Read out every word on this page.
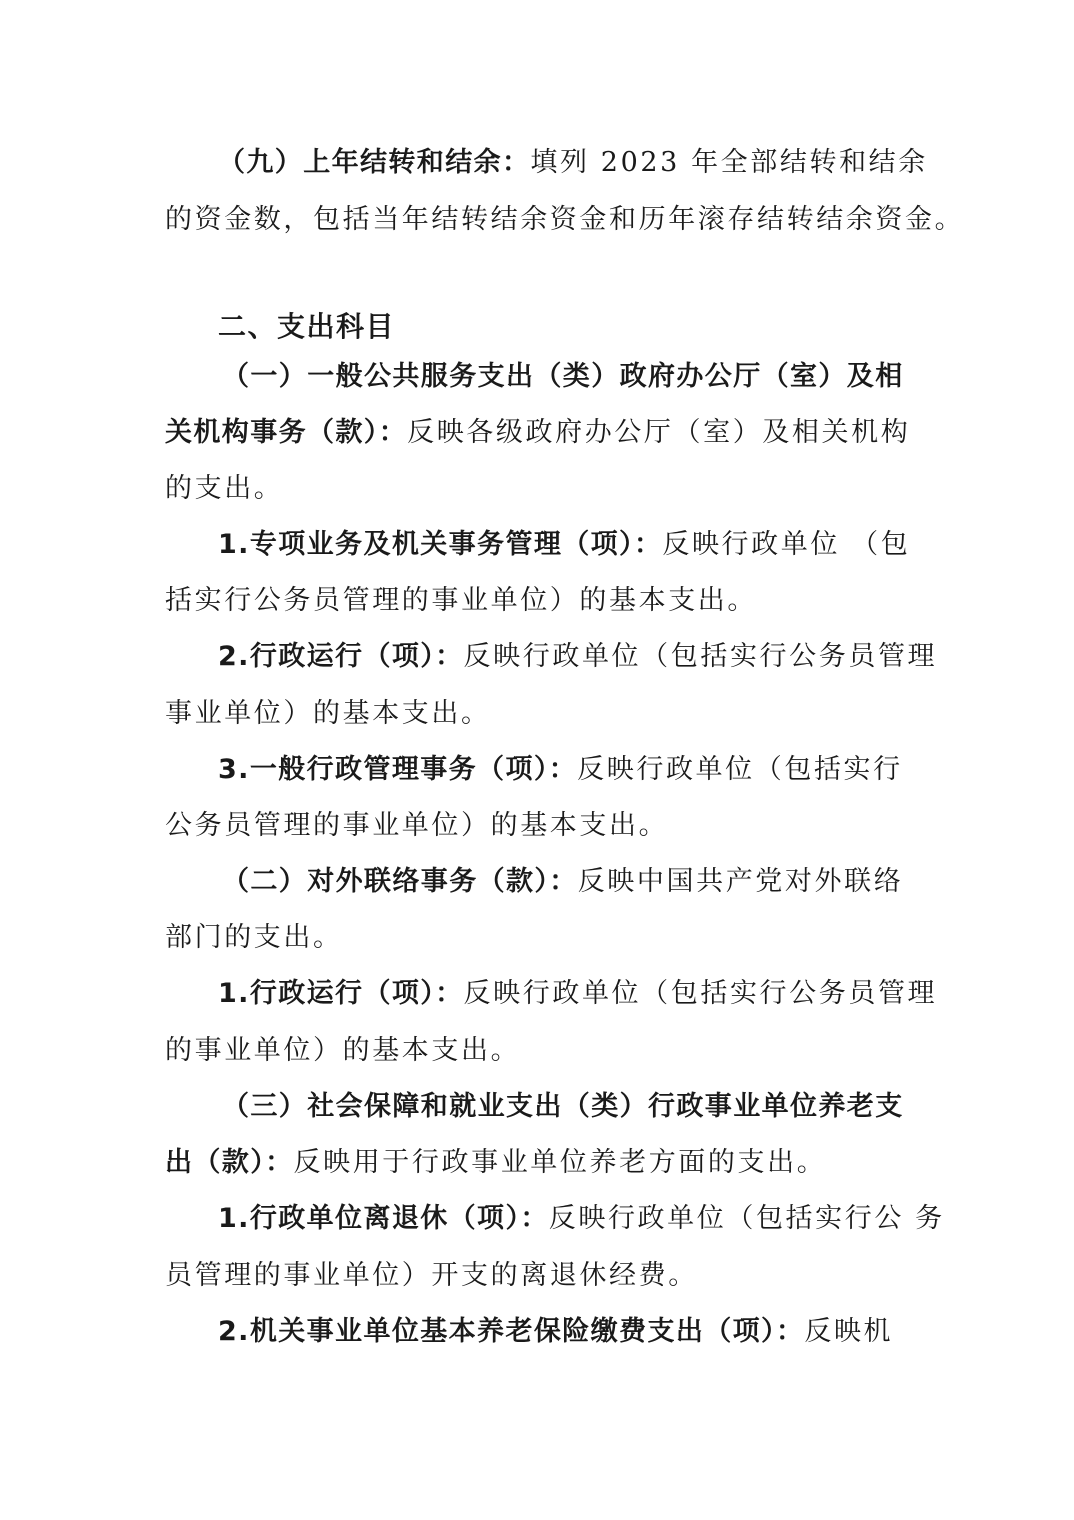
（九）上年结转和结余：填列 2023 年全部结转和结余
的资金数，包括当年结转结余资金和历年滚存结转结余资金。
二、支出科目
（一）一般公共服务支出（类）政府办公厅（室）及相
关机构事务（款）：反映各级政府办公厅（室）及相关机构
的支出。
1.专项业务及机关事务管理（项）：反映行政单位 （包
括实行公务员管理的事业单位）的基本支出。
2.行政运行（项）：反映行政单位（包括实行公务员管理
事业单位）的基本支出。
3.一般行政管理事务（项）：反映行政单位（包括实行
公务员管理的事业单位）的基本支出。
（二）对外联络事务（款）：反映中国共产党对外联络
部门的支出。
1.行政运行（项）：反映行政单位（包括实行公务员管理
的事业单位）的基本支出。
（三）社会保障和就业支出（类）行政事业单位养老支
出（款）：反映用于行政事业单位养老方面的支出。
1.行政单位离退休（项）：反映行政单位（包括实行公 务
员管理的事业单位）开支的离退休经费。
2.机关事业单位基本养老保险缴费支出（项）：反映机
